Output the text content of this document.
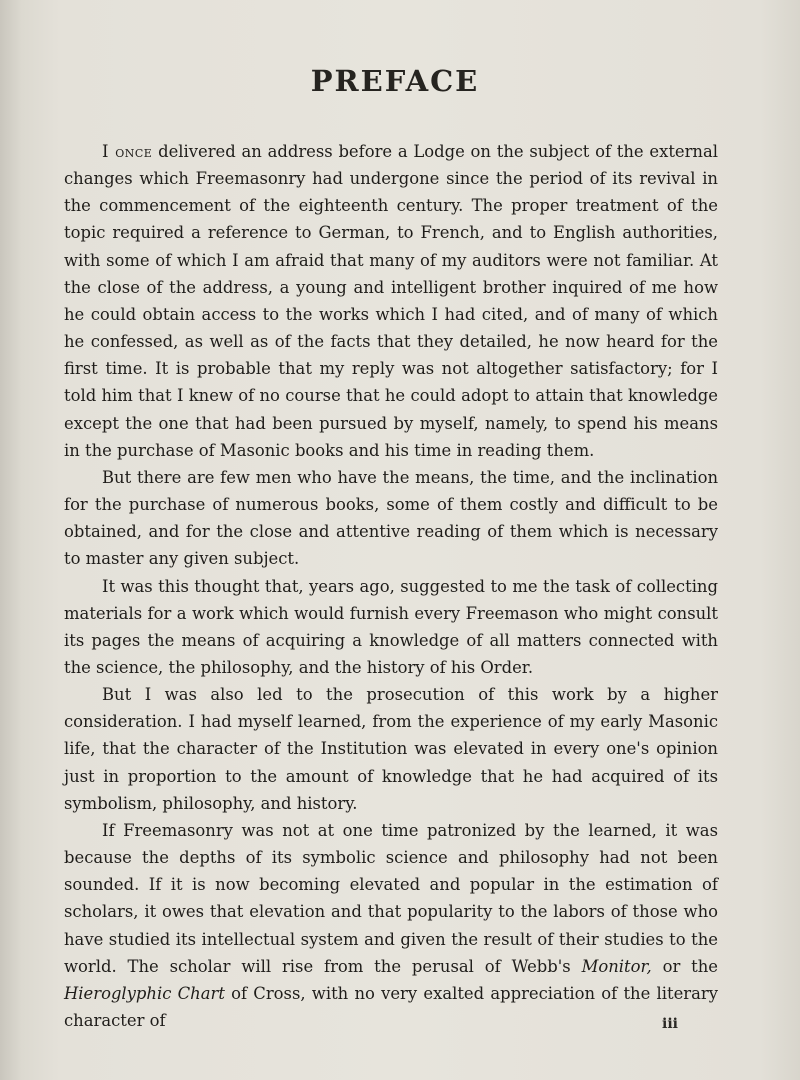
PREFACE

I once delivered an address before a Lodge on the subject of the external changes which Freemasonry had undergone since the period of its revival in the commencement of the eighteenth century. The proper treatment of the topic required a reference to German, to French, and to English authorities, with some of which I am afraid that many of my auditors were not familiar. At the close of the address, a young and intelligent brother inquired of me how he could obtain access to the works which I had cited, and of many of which he confessed, as well as of the facts that they detailed, he now heard for the first time. It is probable that my reply was not altogether satisfactory; for I told him that I knew of no course that he could adopt to attain that knowledge except the one that had been pursued by myself, namely, to spend his means in the purchase of Masonic books and his time in reading them.

But there are few men who have the means, the time, and the inclination for the purchase of numerous books, some of them costly and difficult to be obtained, and for the close and attentive reading of them which is necessary to master any given subject.

It was this thought that, years ago, suggested to me the task of collecting materials for a work which would furnish every Freemason who might consult its pages the means of acquiring a knowledge of all matters connected with the science, the philosophy, and the history of his Order.

But I was also led to the prosecution of this work by a higher consideration. I had myself learned, from the experience of my early Masonic life, that the character of the Institution was elevated in every one's opinion just in proportion to the amount of knowledge that he had acquired of its symbolism, philosophy, and history.

If Freemasonry was not at one time patronized by the learned, it was because the depths of its symbolic science and philosophy had not been sounded. If it is now becoming elevated and popular in the estimation of scholars, it owes that elevation and that popularity to the labors of those who have studied its intellectual system and given the result of their studies to the world. The scholar will rise from the perusal of Webb's Monitor, or the Hieroglyphic Chart of Cross, with no very exalted appreciation of the literary character of	iii
